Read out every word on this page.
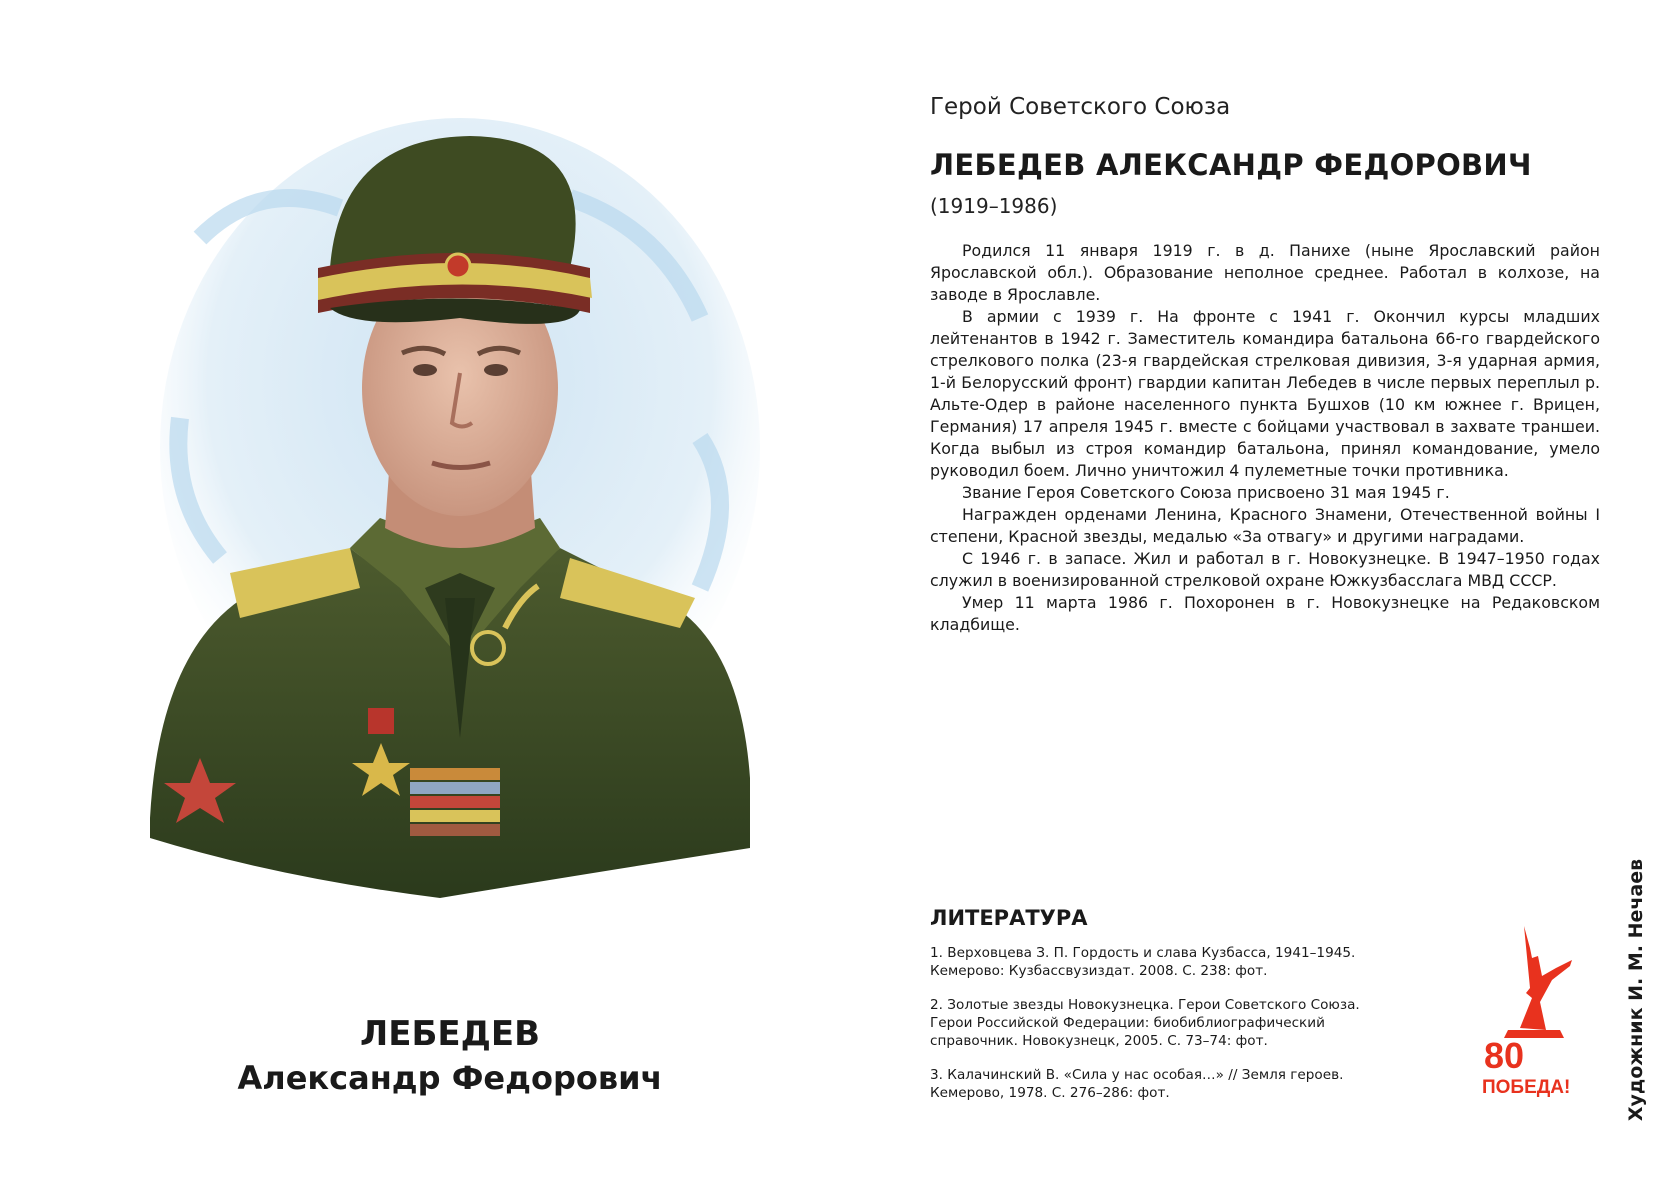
ЛЕБЕДЕВ
Александр Федорович
Герой Советского Союза
ЛЕБЕДЕВ АЛЕКСАНДР ФЕДОРОВИЧ
(1919–1986)

Родился 11 января 1919 г. в д. Панихе (ныне Ярославский район Ярославской обл.). Образование неполное среднее. Работал в колхозе, на заводе в Ярославле.

В армии с 1939 г. На фронте с 1941 г. Окончил курсы младших лейтенантов в 1942 г. Заместитель командира батальона 66-го гвардейского стрелкового полка (23-я гвардейская стрелковая дивизия, 3-я ударная армия, 1-й Белорусский фронт) гвардии капитан Лебедев в числе первых переплыл р. Альте-Одер в районе населенного пункта Бушхов (10 км южнее г. Врицен, Германия) 17 апреля 1945 г. вместе с бойцами участвовал в захвате траншеи. Когда выбыл из строя командир батальона, принял командование, умело руководил боем. Лично уничтожил 4 пулеметные точки противника.

Звание Героя Советского Союза присвоено 31 мая 1945 г.

Награжден орденами Ленина, Красного Знамени, Отечественной войны I степени, Красной звезды, медалью «За отвагу» и другими наградами.

С 1946 г. в запасе. Жил и работал в г. Новокузнецке. В 1947–1950 годах служил в военизированной стрелковой охране Южкузбасслага МВД СССР.

Умер 11 марта 1986 г. Похоронен в г. Новокузнецке на Редаковском кладбище.

ЛИТЕРАТУРА
1. Верховцева З. П. Гордость и слава Кузбасса, 1941–1945. Кемерово: Кузбассвузиздат. 2008. С. 238: фот.
2. Золотые звезды Новокузнецка. Герои Советского Союза. Герои Российской Федерации: биобиблиографический справочник. Новокузнецк, 2005. С. 73–74: фот.
3. Калачинский В. «Сила у нас особая…» // Земля героев. Кемерово, 1978. С. 276–286: фот.
80
ПОБЕДА!	Художник И. М. Нечаев
